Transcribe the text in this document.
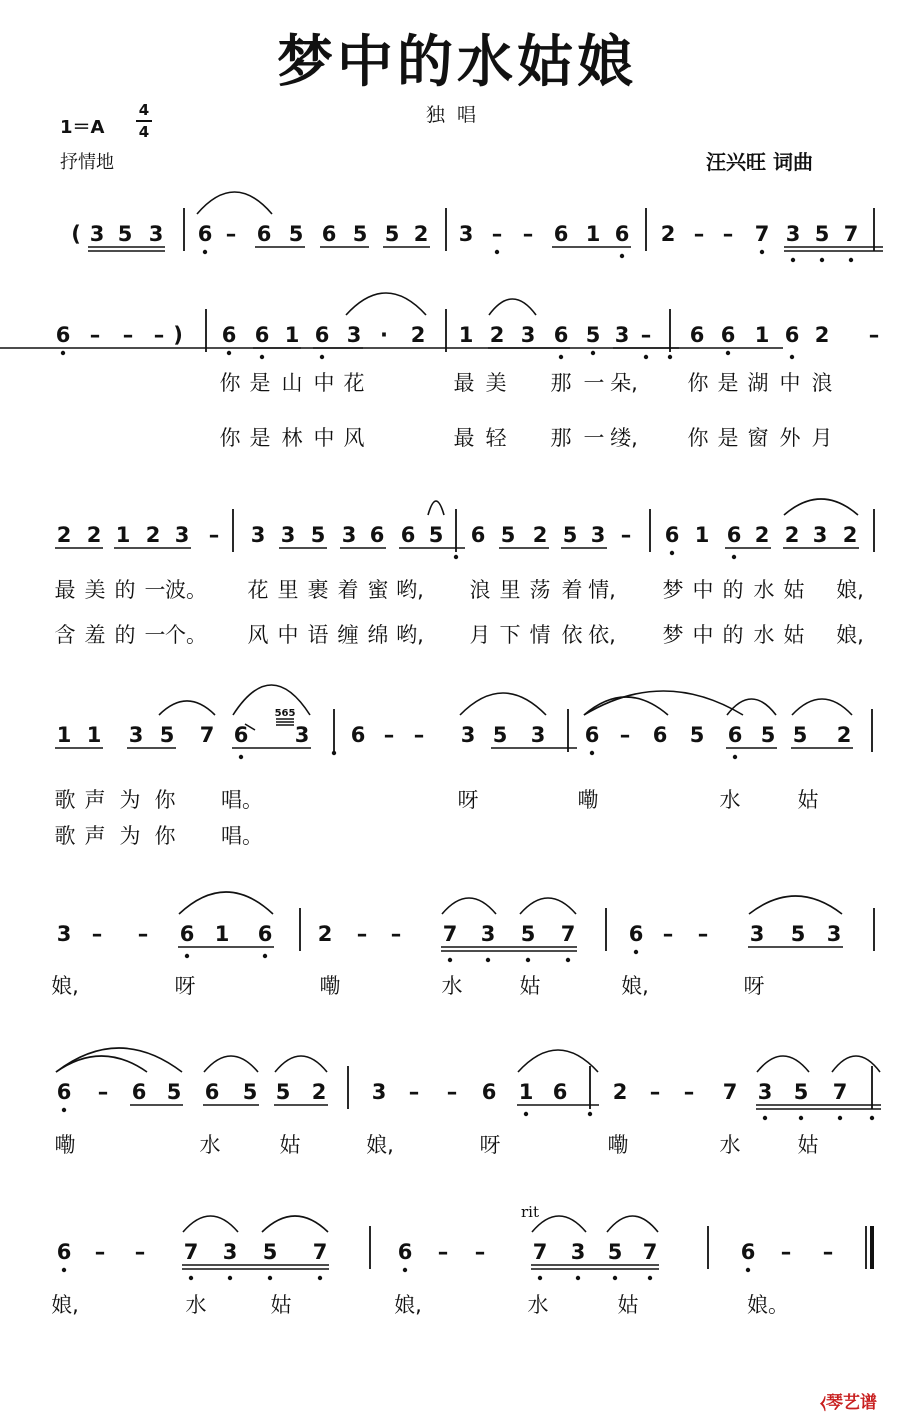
梦中的水姑娘
独唱
1＝A
4
4
抒情地	汪兴旺 词曲
( 3 5 3 6 – 6 5 6 5 5 2 3 – – 6 1 6 2 – – 7 3 5 7
6 – – – ) 6 6 1 6 3 · 2 1 2 3 6 5 3 – 6 6 1 6 2 –
你 是 山 中 花	最 美 那 一 朵, 你 是 湖 中 浪
你 是 林 中 风	最 轻 那 一 缕, 你 是 窗 外 月
2 2 1 2 3 – 3 3 5 3 6 6 5 6 5 2 5 3 – 6 1 6 2 2 3 2
最 美 的 一 波。 花 里 裹 着 蜜 哟, 浪 里 荡 着 情, 梦 中 的 水 姑 娘,
含 羞 的 一 个。 风 中 语 缠 绵 哟, 月 下 情 依 依, 梦 中 的 水 姑 娘,
1 1 3 5 7 6 3 6 – – 3 5 3 6 – 6 5 6 5 5 2
歌 声 为 你 唱。	呀	嘞	水	姑
歌 声 为 你 唱。
3 – – 6 1 6 2 – – 7 3 5 7	6 – – 3 5 3
娘,	呀	嘞	水	姑	娘,	呀
6 – 6 5 6 5 5 2 3 – – 6 1 6 2 – – 7 3 5 7
嘞	水	姑	娘,	呀	嘞	水	姑
6 – – 7 3 5 7	6 – – 7 3 5 7	6 – –
娘,	水	姑	娘,	水	姑	娘。
565
rit
⧼琴艺谱
